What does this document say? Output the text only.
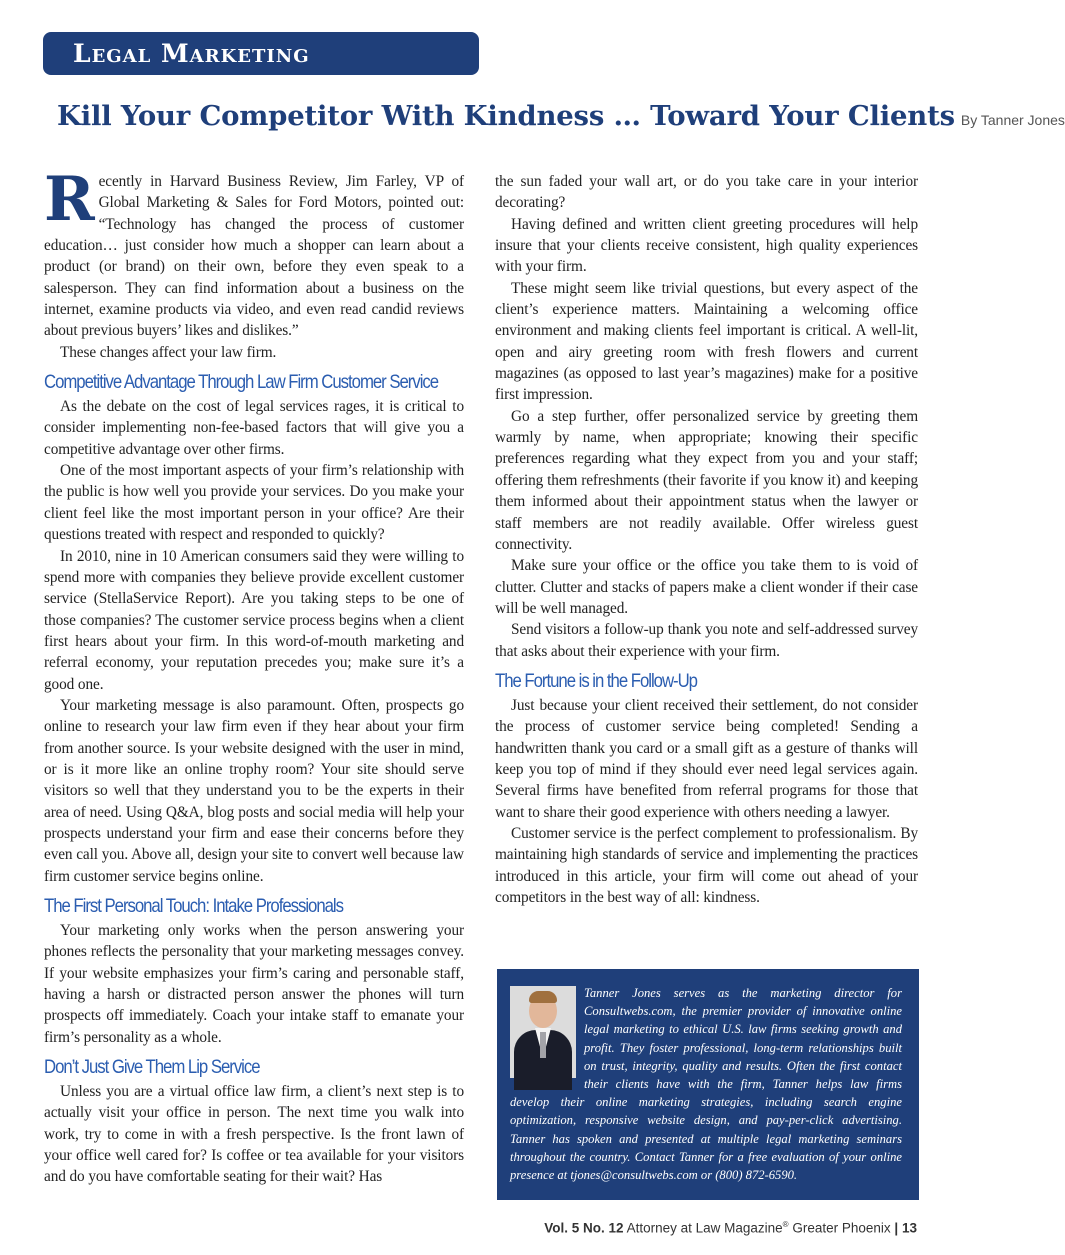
Legal Marketing
Kill Your Competitor With Kindness … Toward Your Clients By Tanner Jones

Recently in Harvard Business Review, Jim Farley, VP of Global Marketing & Sales for Ford Motors, pointed out: “Technology has changed the process of customer education… just consider how much a shopper can learn about a product (or brand) on their own, before they even speak to a salesperson. They can find information about a business on the internet, examine products via video, and even read candid reviews about previous buyers’ likes and dislikes.”

These changes affect your law firm.

Competitive Advantage Through Law Firm Customer Service

As the debate on the cost of legal services rages, it is critical to consider implementing non-fee-based factors that will give you a competitive advantage over other firms.

One of the most important aspects of your firm’s relationship with the public is how well you provide your services. Do you make your client feel like the most important person in your office? Are their questions treated with respect and responded to quickly?

In 2010, nine in 10 American consumers said they were willing to spend more with companies they believe provide excellent customer service (StellaService Report). Are you taking steps to be one of those companies? The customer service process begins when a client first hears about your firm. In this word-of-mouth marketing and referral economy, your reputation precedes you; make sure it’s a good one.

Your marketing message is also paramount. Often, prospects go online to research your law firm even if they hear about your firm from another source. Is your website designed with the user in mind, or is it more like an online trophy room? Your site should serve visitors so well that they understand you to be the experts in their area of need. Using Q&A, blog posts and social media will help your prospects understand your firm and ease their concerns before they even call you. Above all, design your site to convert well because law firm customer service begins online.

The First Personal Touch: Intake Professionals

Your marketing only works when the person answering your phones reflects the personality that your marketing messages convey. If your website emphasizes your firm’s caring and personable staff, having a harsh or distracted person answer the phones will turn prospects off immediately. Coach your intake staff to emanate your firm’s personality as a whole.

Don’t Just Give Them Lip Service

Unless you are a virtual office law firm, a client’s next step is to actually visit your office in person. The next time you walk into work, try to come in with a fresh perspective. Is the front lawn of your office well cared for? Is coffee or tea available for your visitors and do you have comfortable seating for their wait? Has

the sun faded your wall art, or do you take care in your interior decorating?

Having defined and written client greeting procedures will help insure that your clients receive consistent, high quality experiences with your firm.

These might seem like trivial questions, but every aspect of the client’s experience matters. Maintaining a welcoming office environment and making clients feel important is critical. A well-lit, open and airy greeting room with fresh flowers and current magazines (as opposed to last year’s magazines) make for a positive first impression.

Go a step further, offer personalized service by greeting them warmly by name, when appropriate; knowing their specific preferences regarding what they expect from you and your staff; offering them refreshments (their favorite if you know it) and keeping them informed about their appointment status when the lawyer or staff members are not readily available. Offer wireless guest connectivity.

Make sure your office or the office you take them to is void of clutter. Clutter and stacks of papers make a client wonder if their case will be well managed.

Send visitors a follow-up thank you note and self-addressed survey that asks about their experience with your firm.

The Fortune is in the Follow-Up

Just because your client received their settlement, do not consider the process of customer service being completed! Sending a handwritten thank you card or a small gift as a gesture of thanks will keep you top of mind if they should ever need legal services again. Several firms have benefited from referral programs for those that want to share their good experience with others needing a lawyer.

Customer service is the perfect complement to professionalism. By maintaining high standards of service and implementing the practices introduced in this article, your firm will come out ahead of your competitors in the best way of all: kindness.

Tanner Jones serves as the marketing director for Consultwebs.com, the premier provider of innovative online legal marketing to ethical U.S. law firms seeking growth and profit. They foster professional, long-term relationships built on trust, integrity, quality and results. Often the first contact their clients have with the firm, Tanner helps law firms develop their online marketing strategies, including search engine optimization, responsive website design, and pay-per-click advertising. Tanner has spoken and presented at multiple legal marketing seminars throughout the country. Contact Tanner for a free evaluation of your online presence at tjones@consultwebs.com or (800) 872-6590.

Vol. 5 No. 12 Attorney at Law Magazine® Greater Phoenix | 13
